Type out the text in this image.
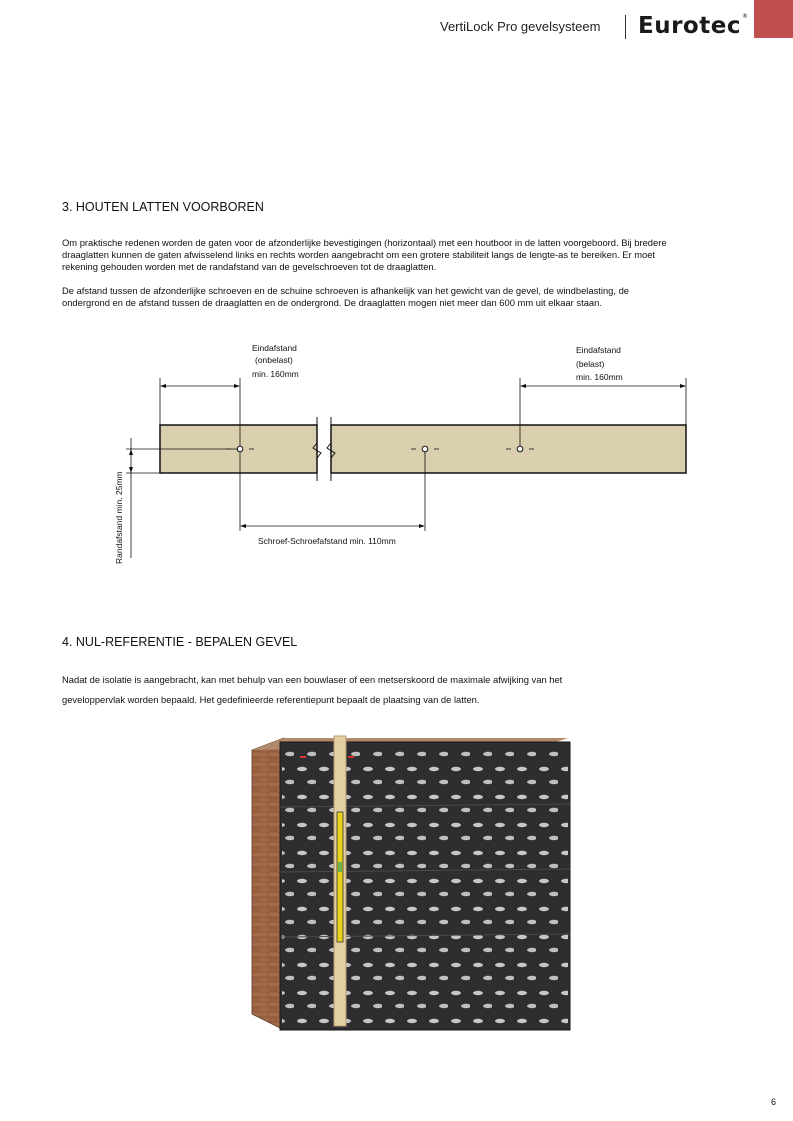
VertiLock Pro gevelsysteem Eurotec®
3. HOUTEN LATTEN VOORBOREN

Om praktische redenen worden de gaten voor de afzonderlijke bevestigingen (horizontaal) met een houtboor in de latten voorgeboord. Bij bredere
draaglatten kunnen de gaten afwisselend links en rechts worden aangebracht om een grotere stabiliteit langs de lengte-as te bereiken. Er moet
rekening gehouden worden met de randafstand van de gevelschroeven tot de draaglatten.

De afstand tussen de afzonderlijke schroeven en de schuine schroeven is afhankelijk van het gewicht van de gevel, de windbelasting, de
ondergrond en de afstand tussen de draaglatten en de ondergrond. De draaglatten mogen niet meer dan 600 mm uit elkaar staan.

Eindafstand
(onbelast)
min. 160mm
Eindafstand
(belast)
min. 160mm
Schroef-Schroefafstand min. 110mm
Randafstand min. 25mm
4. NUL-REFERENTIE - BEPALEN GEVEL

Nadat de isolatie is aangebracht, kan met behulp van een bouwlaser of een metserskoord de maximale afwijking van het
geveloppervlak worden bepaald. Het gedefinieerde referentiepunt bepaalt de plaatsing van de latten.

6
